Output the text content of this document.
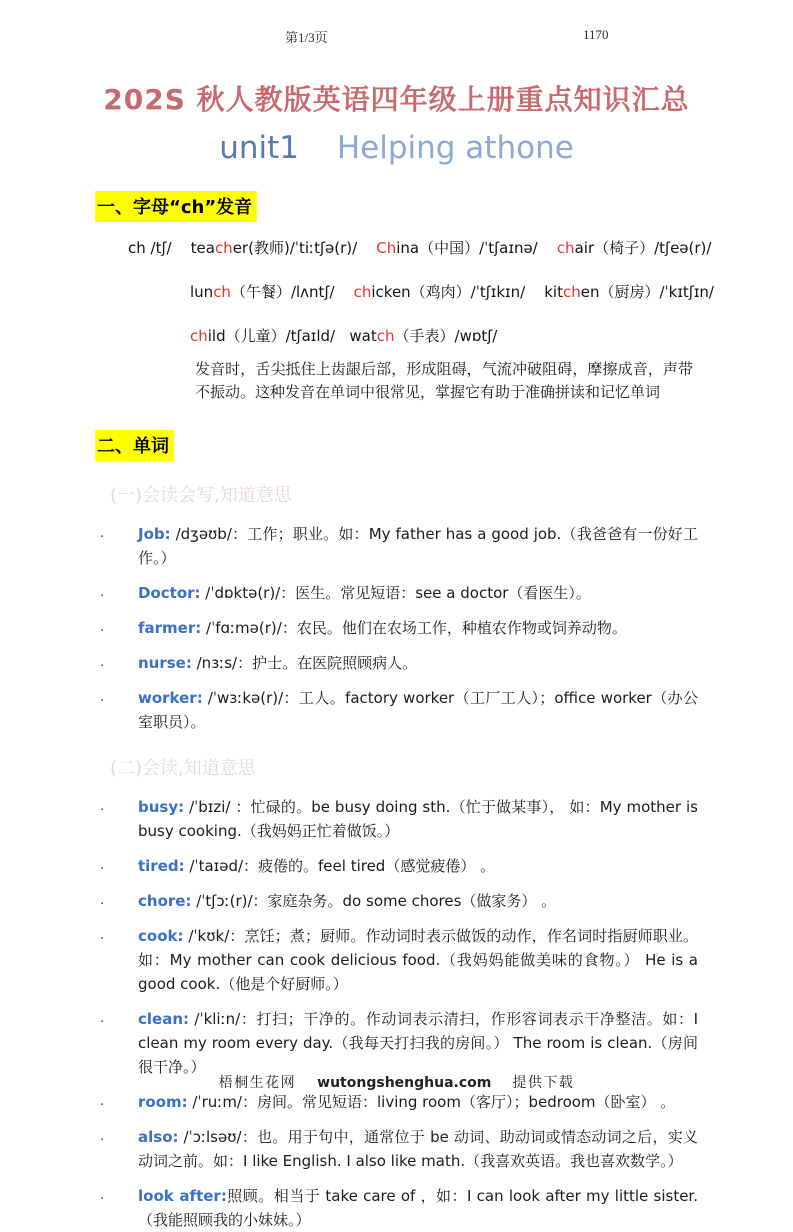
第1/3页	1170
202S 秋人教版英语四年级上册重点知识汇总
unit1 Helping athone
一、字母“ch”发音
ch /tʃ/    teacher(教师)/ˈtiːtʃə(r)/    China（中国）/ˈtʃaɪnə/    chair（椅子）/tʃeə(r)/
lunch（午餐）/lʌntʃ/    chicken（鸡肉）/ˈtʃɪkɪn/    kitchen（厨房）/ˈkɪtʃɪn/
child（儿童）/tʃaɪld/   watch（手表）/wɒtʃ/
发音时，舌尖抵住上齿龈后部，形成阻碍，气流冲破阻碍，摩擦成音，声带不振动。这种发音在单词中很常见，掌握它有助于准确拼读和记忆单词
二、单词
(一)会读会写,知道意思
.	Job: /dʒəʊb/：工作；职业。如：My father has a good job.（我爸爸有一份好工作。）

.	Doctor: /ˈdɒktə(r)/：医生。常见短语：see a doctor（看医生）。

.	farmer: /ˈfɑːmə(r)/：农民。他们在农场工作，种植农作物或饲养动物。

.	nurse: /nɜːs/：护士。在医院照顾病人。

.	worker: /ˈwɜːkə(r)/：工人。factory worker（工厂工人）；office worker（办公室职员）。

(二)会读,知道意思
.	busy: /ˈbɪzi/ ：忙碌的。be busy doing sth.（忙于做某事）， 如：My mother is busy cooking.（我妈妈正忙着做饭。）

.	tired: /ˈtaɪəd/：疲倦的。feel tired（感觉疲倦） 。

.	chore: /ˈtʃɔː(r)/：家庭杂务。do some chores（做家务） 。

.	cook: /ˈkʊk/：烹饪；煮；厨师。作动词时表示做饭的动作，作名词时指厨师职业。如：My mother can cook delicious food.（我妈妈能做美味的食物。） He is a good cook.（他是个好厨师。）

.	clean: /ˈkliːn/：打扫；干净的。作动词表示清扫，作形容词表示干净整洁。如：I clean my room every day.（我每天打扫我的房间。） The room is clean.（房间很干净。）

.	room: /ˈruːm/：房间。常见短语：living room（客厅）；bedroom（卧室） 。

.	also: /ˈɔːlsəʊ/：也。用于句中，通常位于 be 动词、助动词或情态动词之后，实义动词之前。如：I like English. I also like math.（我喜欢英语。我也喜欢数学。）

.	look after:照顾。相当于 take care of ，如：I can look after my little sister.（我能照顾我的小妹妹。）

梧桐生花网 wutongshenghua.com 提供下载
